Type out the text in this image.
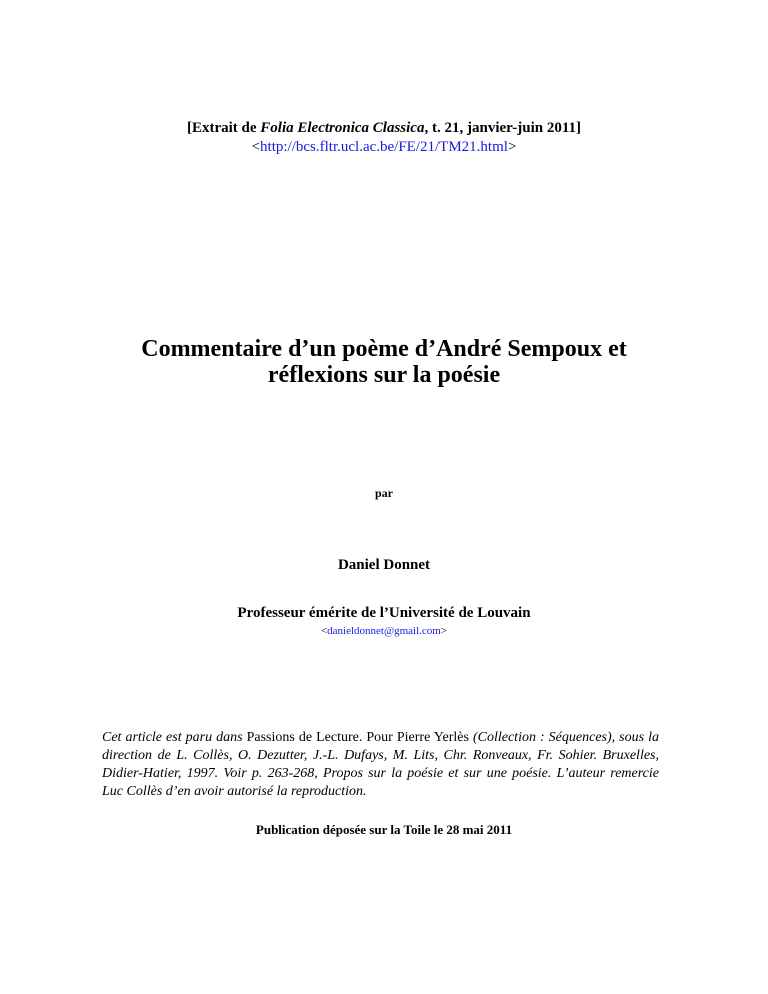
[Extrait de Folia Electronica Classica, t. 21, janvier-juin 2011]
<http://bcs.fltr.ucl.ac.be/FE/21/TM21.html>
Commentaire d’un poème d’André Sempoux et
réflexions sur la poésie
par
Daniel Donnet
Professeur émérite de l’Université de Louvain
<danieldonnet@gmail.com>
Cet article est paru dans Passions de Lecture. Pour Pierre Yerlès (Collection : Séquences), sous la direction de L. Collès, O. Dezutter, J.-L. Dufays, M. Lits, Chr. Ronveaux, Fr. Sohier. Bruxelles, Didier-Hatier, 1997. Voir p. 263-268, Propos sur la poésie et sur une poésie. L’auteur remercie Luc Collès d’en avoir autorisé la reproduction.
Publication déposée sur la Toile le 28 mai 2011
